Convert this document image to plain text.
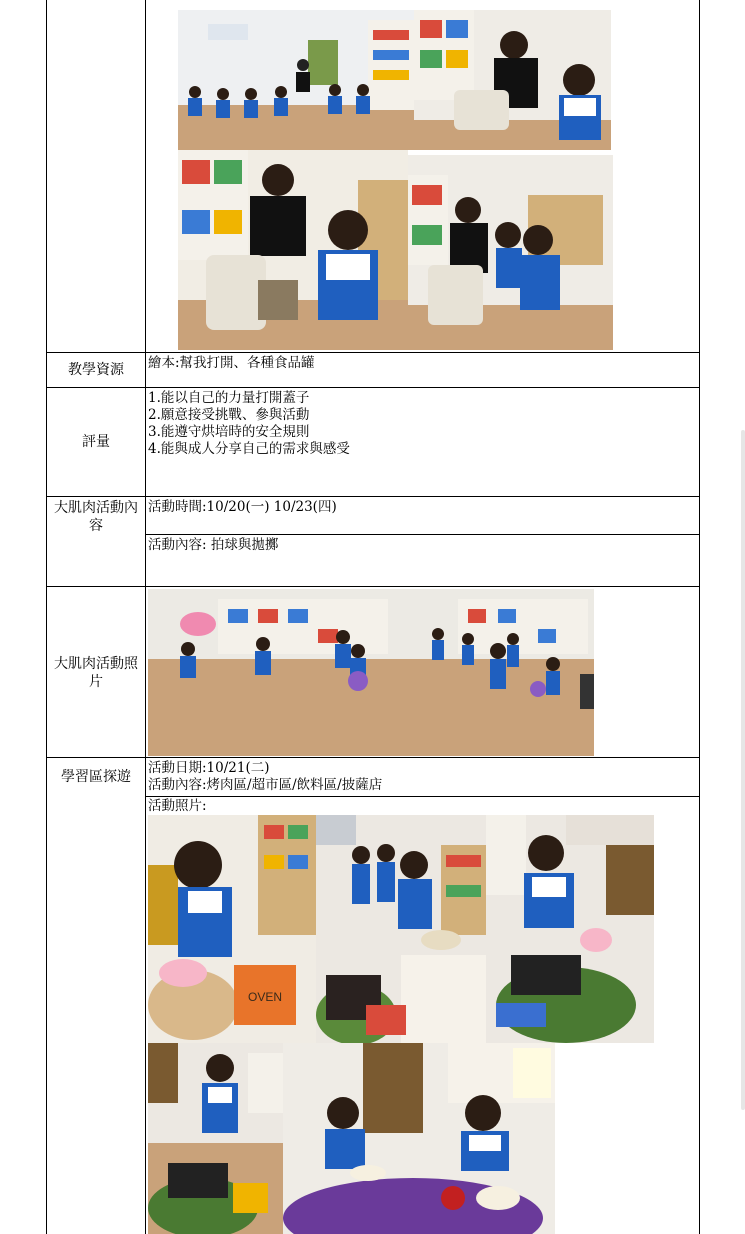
教學資源	繪本:幫我打開、各種食品罐
評量
1.能以自己的力量打開蓋子
2.願意接受挑戰、參與活動
3.能遵守烘培時的安全規則
4.能與成人分享自己的需求與感受
大肌肉活動內容
活動時間:10/20(一) 10/23(四)
活動內容: 拍球與拋擲
大肌肉活動照片
學習區探遊
活動日期:10/21(二)
活動內容:烤肉區/超市區/飲料區/披薩店
活動照片:
OVEN
